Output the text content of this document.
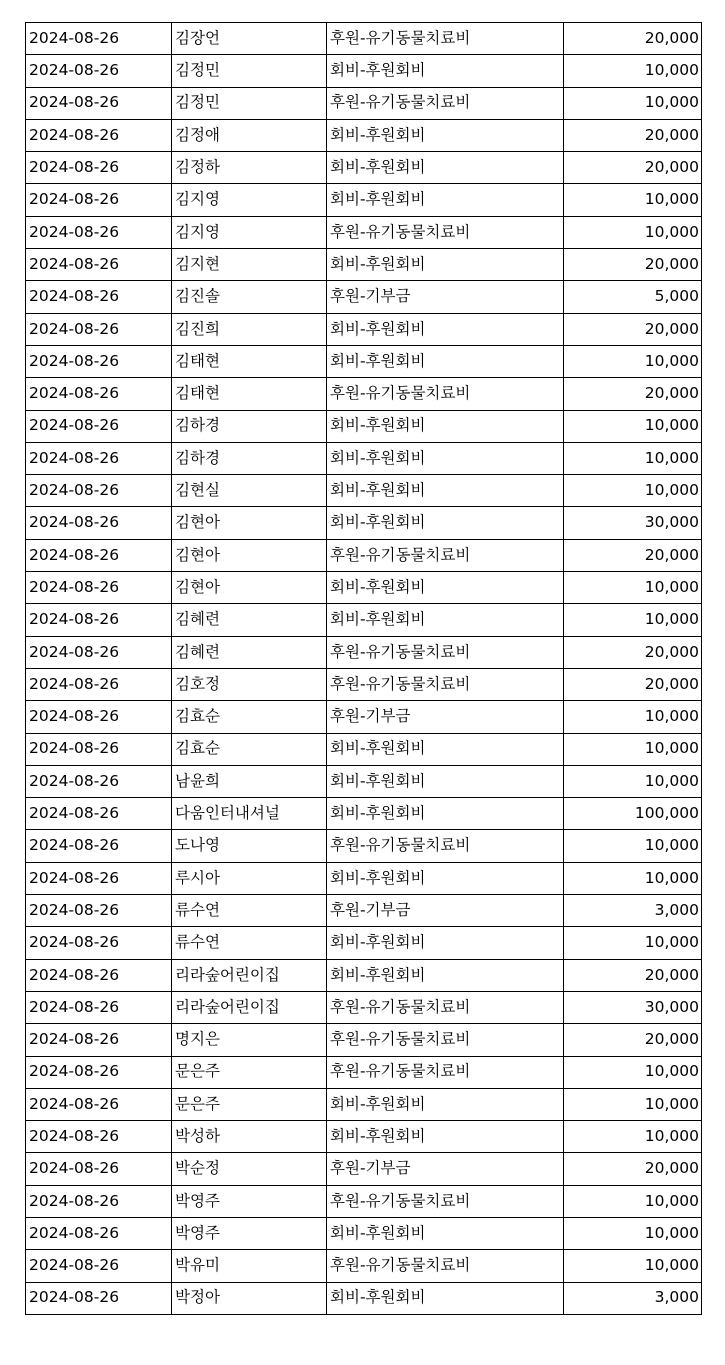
2024-08-26	김장언	후원-유기동물치료비	20,000
2024-08-26	김정민	회비-후원회비	10,000
2024-08-26	김정민	후원-유기동물치료비	10,000
2024-08-26	김정애	회비-후원회비	20,000
2024-08-26	김정하	회비-후원회비	20,000
2024-08-26	김지영	회비-후원회비	10,000
2024-08-26	김지영	후원-유기동물치료비	10,000
2024-08-26	김지현	회비-후원회비	20,000
2024-08-26	김진솔	후원-기부금	5,000
2024-08-26	김진희	회비-후원회비	20,000
2024-08-26	김태현	회비-후원회비	10,000
2024-08-26	김태현	후원-유기동물치료비	20,000
2024-08-26	김하경	회비-후원회비	10,000
2024-08-26	김하경	회비-후원회비	10,000
2024-08-26	김현실	회비-후원회비	10,000
2024-08-26	김현아	회비-후원회비	30,000
2024-08-26	김현아	후원-유기동물치료비	20,000
2024-08-26	김현아	회비-후원회비	10,000
2024-08-26	김혜련	회비-후원회비	10,000
2024-08-26	김혜련	후원-유기동물치료비	20,000
2024-08-26	김호정	후원-유기동물치료비	20,000
2024-08-26	김효순	후원-기부금	10,000
2024-08-26	김효순	회비-후원회비	10,000
2024-08-26	남윤희	회비-후원회비	10,000
2024-08-26	다움인터내셔널	회비-후원회비	100,000
2024-08-26	도나영	후원-유기동물치료비	10,000
2024-08-26	루시아	회비-후원회비	10,000
2024-08-26	류수연	후원-기부금	3,000
2024-08-26	류수연	회비-후원회비	10,000
2024-08-26	리라숲어린이집	회비-후원회비	20,000
2024-08-26	리라숲어린이집	후원-유기동물치료비	30,000
2024-08-26	명지은	후원-유기동물치료비	20,000
2024-08-26	문은주	후원-유기동물치료비	10,000
2024-08-26	문은주	회비-후원회비	10,000
2024-08-26	박성하	회비-후원회비	10,000
2024-08-26	박순정	후원-기부금	20,000
2024-08-26	박영주	후원-유기동물치료비	10,000
2024-08-26	박영주	회비-후원회비	10,000
2024-08-26	박유미	후원-유기동물치료비	10,000
2024-08-26	박정아	회비-후원회비	3,000
